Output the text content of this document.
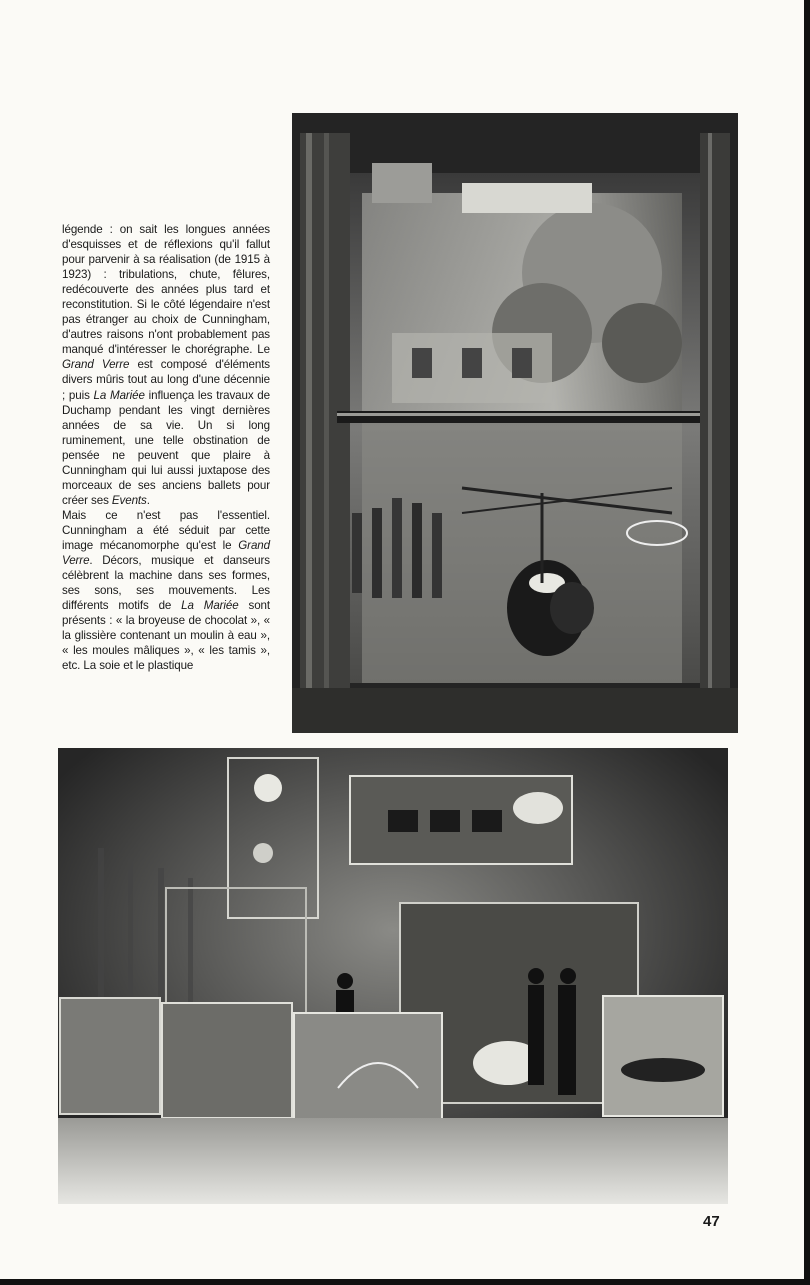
légende : on sait les longues années d'esquisses et de réflexions qu'il fallut pour parvenir à sa réalisation (de 1915 à 1923) : tribulations, chute, fêlures, redécouverte des années plus tard et reconstitution. Si le côté légendaire n'est pas étranger au choix de Cunningham, d'autres raisons n'ont probablement pas manqué d'intéresser le chorégraphe. Le Grand Verre est composé d'éléments divers mûris tout au long d'une décennie ; puis La Mariée influença les travaux de Duchamp pendant les vingt dernières années de sa vie. Un si long ruminement, une telle obstination de pensée ne peuvent que plaire à Cunningham qui lui aussi juxtapose des morceaux de ses anciens ballets pour créer ses Events.

Mais ce n'est pas l'essentiel. Cunningham a été séduit par cette image mécanomorphe qu'est le Grand Verre. Décors, musique et danseurs célèbrent la machine dans ses formes, ses sons, ses mouvements. Les différents motifs de La Mariée sont présents : « la broyeuse de chocolat », « la glissière contenant un moulin à eau », « les moules mâliques », « les tamis », etc. La soie et le plastique

47
